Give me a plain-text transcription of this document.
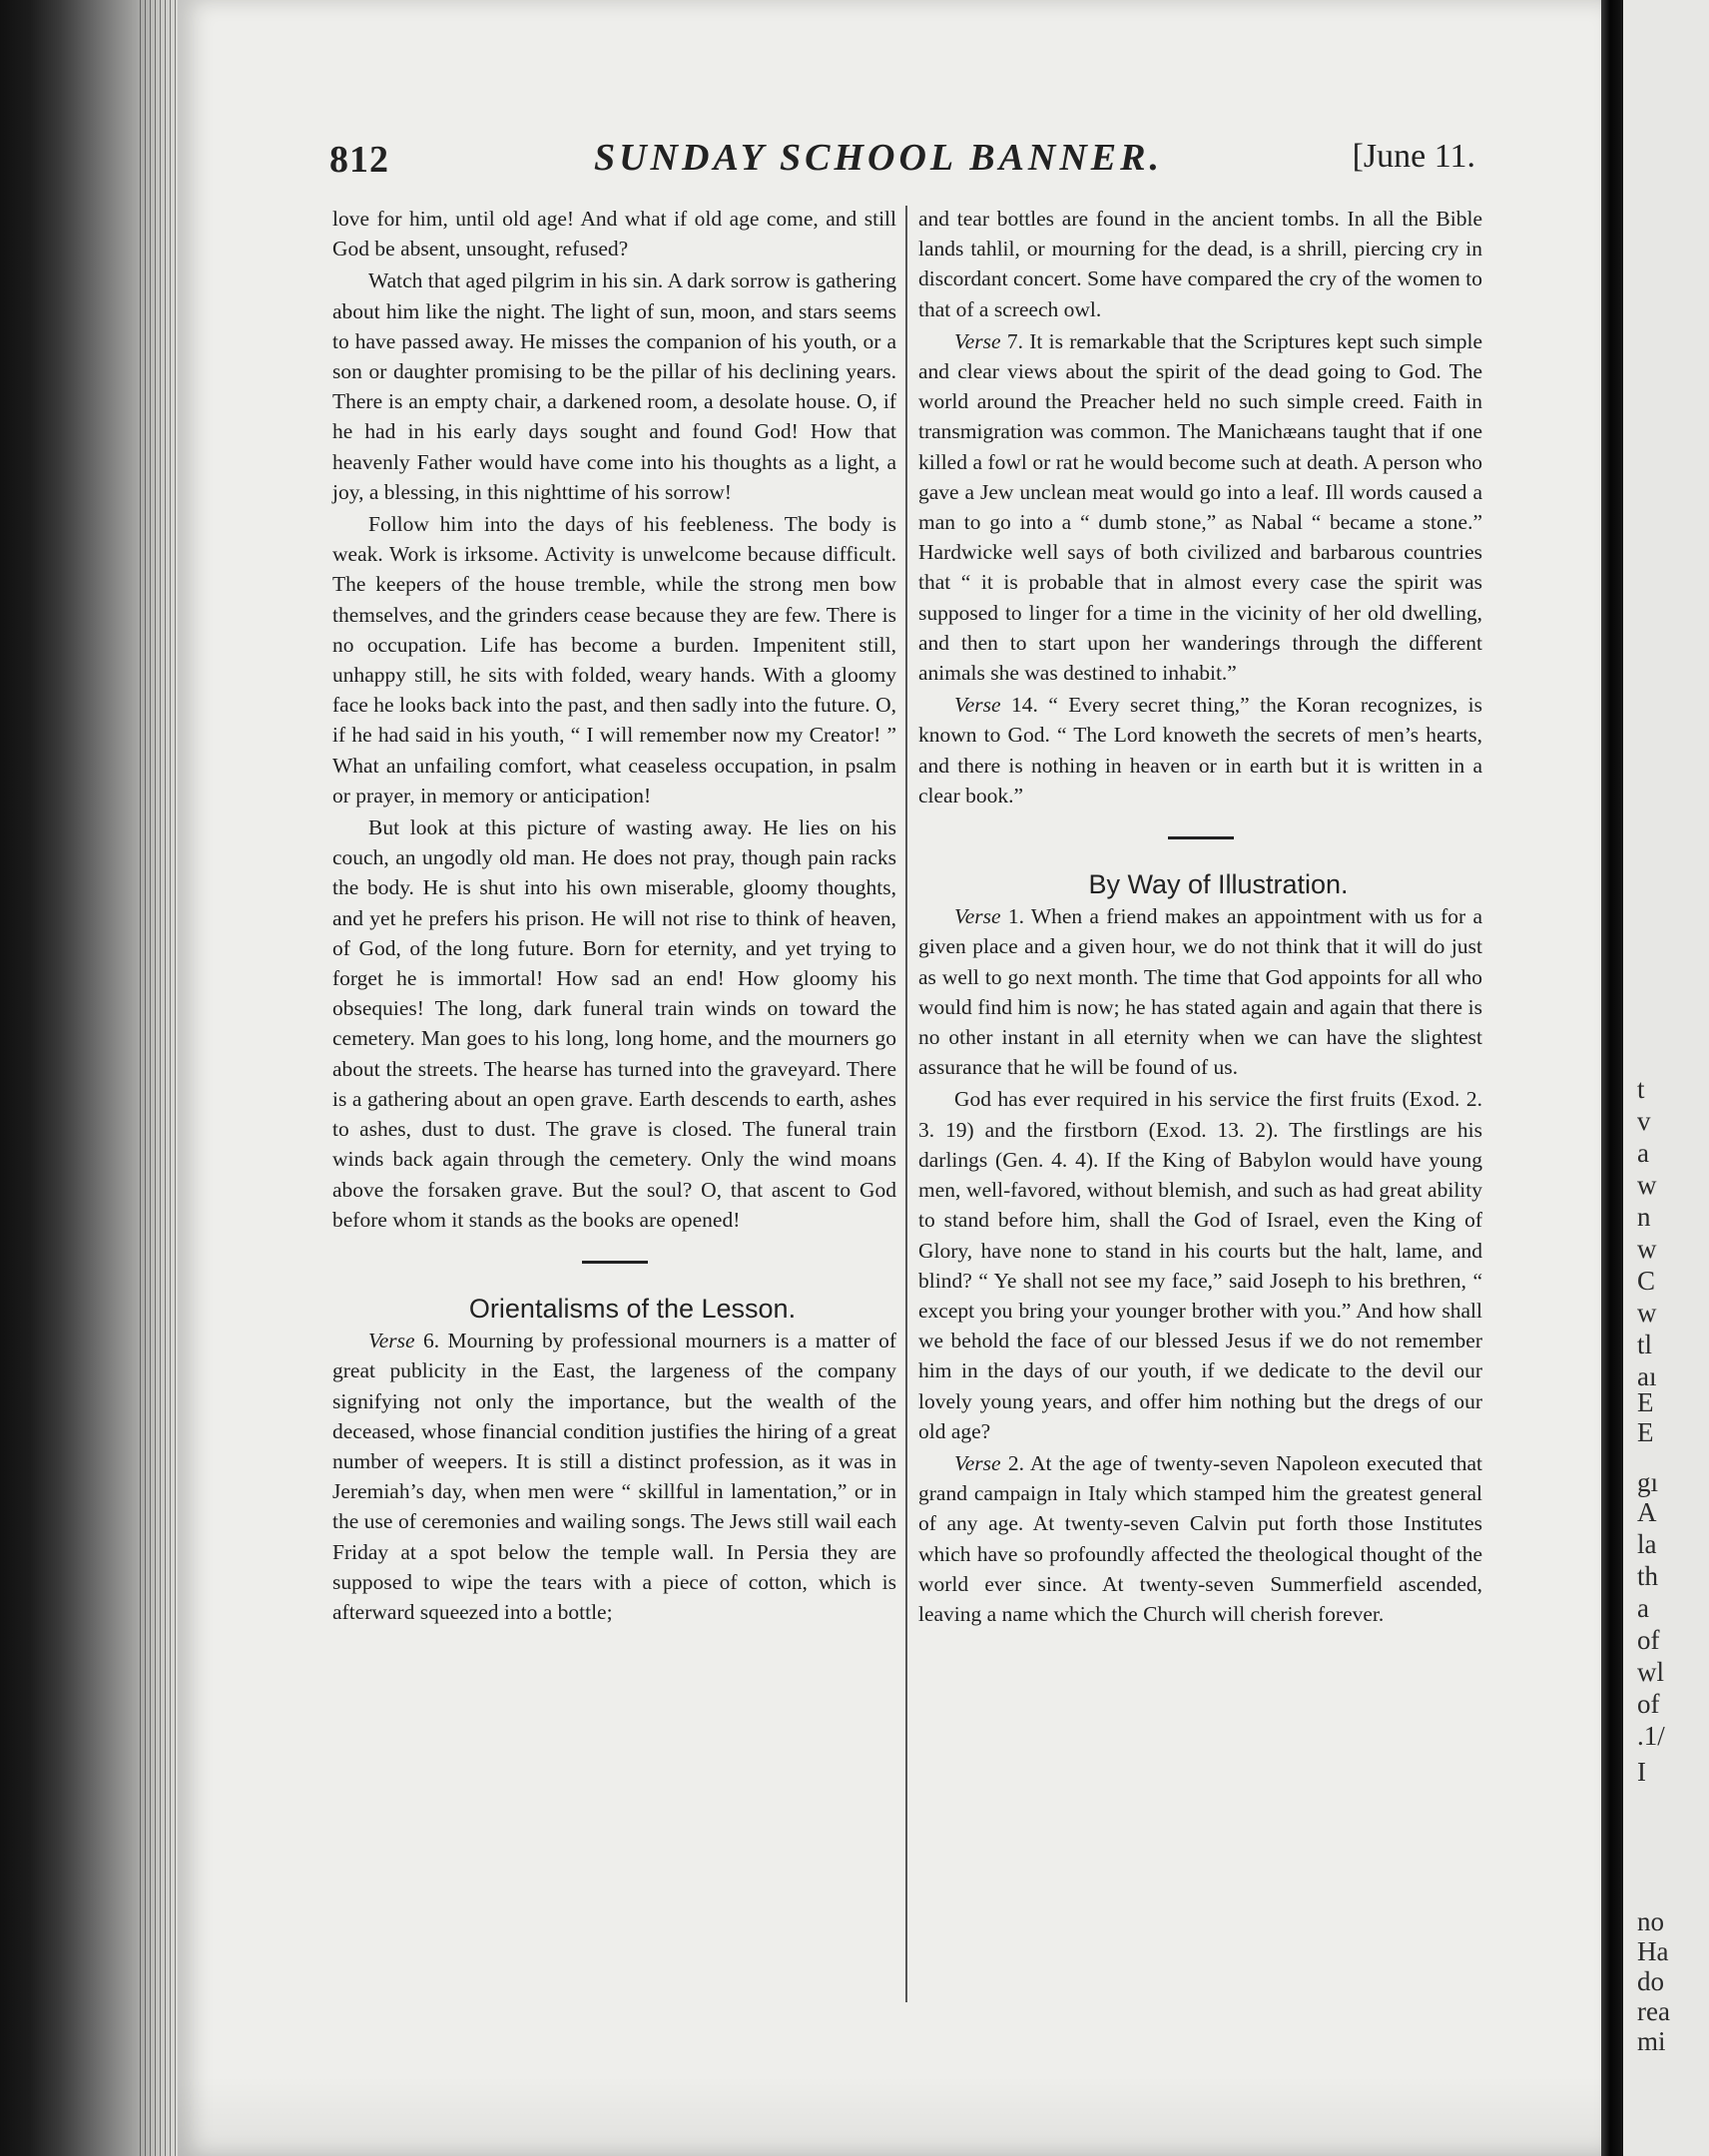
812	SUNDAY SCHOOL BANNER.	[June 11.

love for him, until old age! And what if old age come, and still God be absent, unsought, refused?

Watch that aged pilgrim in his sin. A dark sorrow is gathering about him like the night. The light of sun, moon, and stars seems to have passed away. He misses the companion of his youth, or a son or daughter promising to be the pillar of his declining years. There is an empty chair, a darkened room, a desolate house. O, if he had in his early days sought and found God! How that heavenly Father would have come into his thoughts as a light, a joy, a blessing, in this nighttime of his sorrow!

Follow him into the days of his feebleness. The body is weak. Work is irksome. Activity is unwelcome because difficult. The keepers of the house tremble, while the strong men bow themselves, and the grinders cease because they are few. There is no occupation. Life has become a burden. Impenitent still, unhappy still, he sits with folded, weary hands. With a gloomy face he looks back into the past, and then sadly into the future. O, if he had said in his youth, “ I will remember now my Creator! ” What an unfailing comfort, what ceaseless occupation, in psalm or prayer, in memory or anticipation!

But look at this picture of wasting away. He lies on his couch, an ungodly old man. He does not pray, though pain racks the body. He is shut into his own miserable, gloomy thoughts, and yet he prefers his prison. He will not rise to think of heaven, of God, of the long future. Born for eternity, and yet trying to forget he is immortal! How sad an end! How gloomy his obsequies! The long, dark funeral train winds on toward the cemetery. Man goes to his long, long home, and the mourners go about the streets. The hearse has turned into the graveyard. There is a gathering about an open grave. Earth descends to earth, ashes to ashes, dust to dust. The grave is closed. The funeral train winds back again through the cemetery. Only the wind moans above the forsaken grave. But the soul? O, that ascent to God before whom it stands as the books are opened!

Orientalisms of the Lesson.

Verse 6. Mourning by professional mourners is a matter of great publicity in the East, the largeness of the company signifying not only the importance, but the wealth of the deceased, whose financial condition justifies the hiring of a great number of weepers. It is still a distinct profession, as it was in Jeremiah’s day, when men were “ skillful in lamentation,” or in the use of ceremonies and wailing songs. The Jews still wail each Friday at a spot below the temple wall. In Persia they are supposed to wipe the tears with a piece of cotton, which is afterward squeezed into a bottle;

and tear bottles are found in the ancient tombs. In all the Bible lands tahlil, or mourning for the dead, is a shrill, piercing cry in discordant concert. Some have compared the cry of the women to that of a screech owl.

Verse 7. It is remarkable that the Scriptures kept such simple and clear views about the spirit of the dead going to God. The world around the Preacher held no such simple creed. Faith in transmigration was common. The Manichæans taught that if one killed a fowl or rat he would become such at death. A person who gave a Jew unclean meat would go into a leaf. Ill words caused a man to go into a “ dumb stone,” as Nabal “ became a stone.” Hardwicke well says of both civilized and barbarous countries that “ it is probable that in almost every case the spirit was supposed to linger for a time in the vicinity of her old dwelling, and then to start upon her wanderings through the different animals she was destined to inhabit.”

Verse 14. “ Every secret thing,” the Koran recognizes, is known to God. “ The Lord knoweth the secrets of men’s hearts, and there is nothing in heaven or in earth but it is written in a clear book.”

By Way of Illustration.

Verse 1. When a friend makes an appointment with us for a given place and a given hour, we do not think that it will do just as well to go next month. The time that God appoints for all who would find him is now; he has stated again and again that there is no other instant in all eternity when we can have the slightest assurance that he will be found of us.

God has ever required in his service the first fruits (Exod. 2. 3. 19) and the firstborn (Exod. 13. 2). The firstlings are his darlings (Gen. 4. 4). If the King of Babylon would have young men, well-favored, without blemish, and such as had great ability to stand before him, shall the God of Israel, even the King of Glory, have none to stand in his courts but the halt, lame, and blind? “ Ye shall not see my face,” said Joseph to his brethren, “ except you bring your younger brother with you.” And how shall we behold the face of our blessed Jesus if we do not remember him in the days of our youth, if we dedicate to the devil our lovely young years, and offer him nothing but the dregs of our old age?

Verse 2. At the age of twenty-seven Napoleon executed that grand campaign in Italy which stamped him the greatest general of any age. At twenty-seven Calvin put forth those Institutes which have so profoundly affected the theological thought of the world ever since. At twenty-seven Summerfield ascended, leaving a name which the Church will cherish forever.

t
v
a
w
n
w
C
w
tl
aı
E
E
gı
A
la
th
a
of
wl
of
.1/
I
no
Ha
do
rea
mi
